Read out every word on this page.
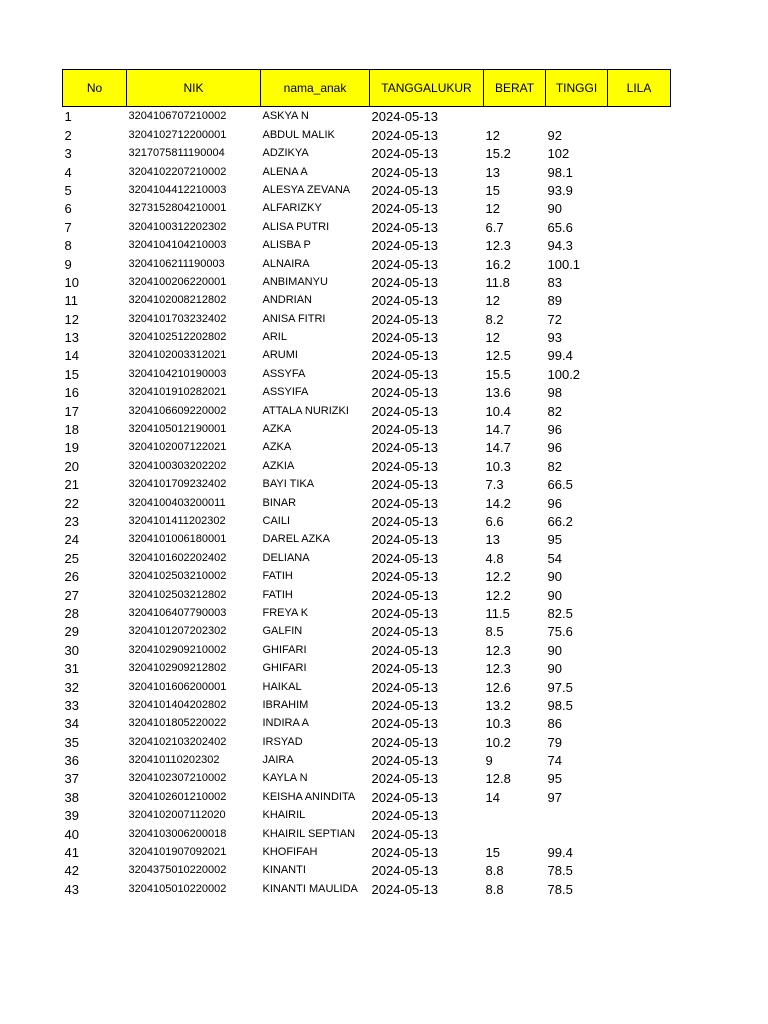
No	NIK	nama_anak	TANGGALUKUR	BERAT	TINGGI	LILA
1	3204106707210002	ASKYA N	2024-05-13			
2	3204102712200001	ABDUL MALIK	2024-05-13	12	92	
3	3217075811190004	ADZIKYA	2024-05-13	15.2	102	
4	3204102207210002	ALENA A	2024-05-13	13	98.1	
5	3204104412210003	ALESYA ZEVANA	2024-05-13	15	93.9	
6	3273152804210001	ALFARIZKY	2024-05-13	12	90	
7	3204100312202302	ALISA PUTRI	2024-05-13	6.7	65.6	
8	3204104104210003	ALISBA P	2024-05-13	12.3	94.3	
9	3204106211190003	ALNAIRA	2024-05-13	16.2	100.1	
10	3204100206220001	ANBIMANYU	2024-05-13	11.8	83	
11	3204102008212802	ANDRIAN	2024-05-13	12	89	
12	3204101703232402	ANISA FITRI	2024-05-13	8.2	72	
13	3204102512202802	ARIL	2024-05-13	12	93	
14	3204102003312021	ARUMI	2024-05-13	12.5	99.4	
15	3204104210190003	ASSYFA	2024-05-13	15.5	100.2	
16	3204101910282021	ASSYIFA	2024-05-13	13.6	98	
17	3204106609220002	ATTALA NURIZKI	2024-05-13	10.4	82	
18	3204105012190001	AZKA	2024-05-13	14.7	96	
19	3204102007122021	AZKA	2024-05-13	14.7	96	
20	3204100303202202	AZKIA	2024-05-13	10.3	82	
21	3204101709232402	BAYI TIKA	2024-05-13	7.3	66.5	
22	3204100403200011	BINAR	2024-05-13	14.2	96	
23	3204101411202302	CAILI	2024-05-13	6.6	66.2	
24	3204101006180001	DAREL AZKA	2024-05-13	13	95	
25	3204101602202402	DELIANA	2024-05-13	4.8	54	
26	3204102503210002	FATIH	2024-05-13	12.2	90	
27	3204102503212802	FATIH	2024-05-13	12.2	90	
28	3204106407790003	FREYA K	2024-05-13	11.5	82.5	
29	3204101207202302	GALFIN	2024-05-13	8.5	75.6	
30	3204102909210002	GHIFARI	2024-05-13	12.3	90	
31	3204102909212802	GHIFARI	2024-05-13	12.3	90	
32	3204101606200001	HAIKAL	2024-05-13	12.6	97.5	
33	3204101404202802	IBRAHIM	2024-05-13	13.2	98.5	
34	3204101805220022	INDIRA A	2024-05-13	10.3	86	
35	3204102103202402	IRSYAD	2024-05-13	10.2	79	
36	320410110202302	JAIRA	2024-05-13	9	74	
37	3204102307210002	KAYLA N	2024-05-13	12.8	95	
38	3204102601210002	KEISHA ANINDITA	2024-05-13	14	97	
39	3204102007112020	KHAIRIL	2024-05-13			
40	3204103006200018	KHAIRIL SEPTIAN	2024-05-13			
41	3204101907092021	KHOFIFAH	2024-05-13	15	99.4	
42	3204375010220002	KINANTI	2024-05-13	8.8	78.5	
43	3204105010220002	KINANTI MAULIDA	2024-05-13	8.8	78.5	
